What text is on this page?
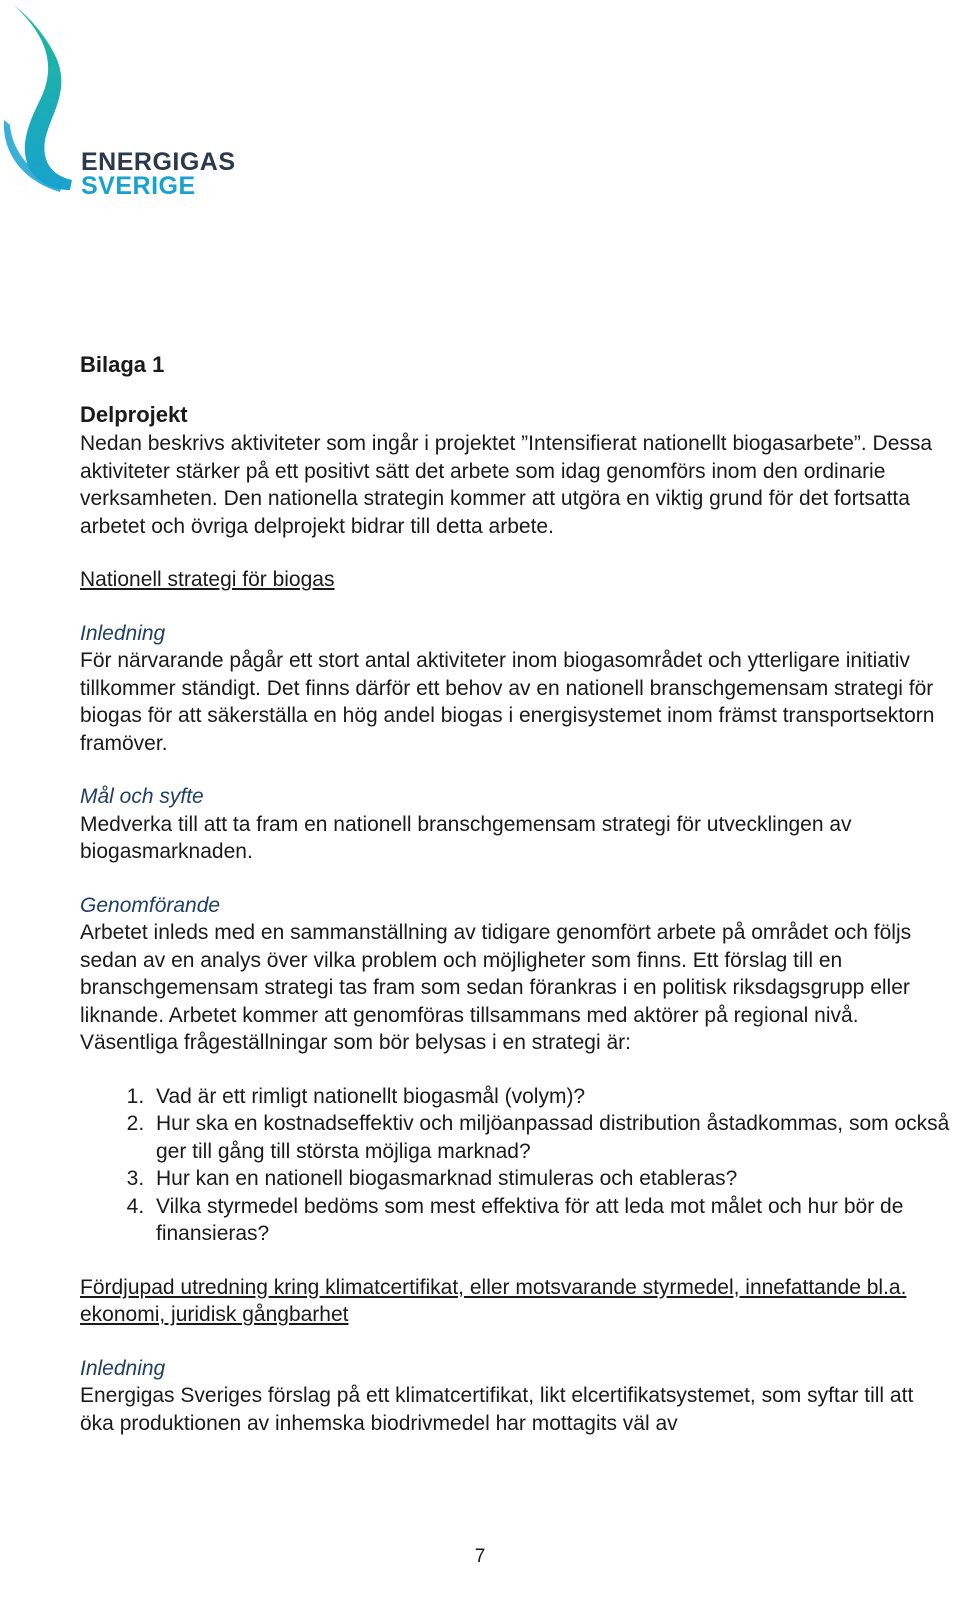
ENERGIGAS
SVERIGE

Bilaga 1

Delprojekt

Nedan beskrivs aktiviteter som ingår i projektet ”Intensifierat nationellt biogasarbete”. Dessa aktiviteter stärker på ett positivt sätt det arbete som idag genomförs inom den ordinarie verksamheten. Den nationella strategin kommer att utgöra en viktig grund för det fortsatta arbetet och övriga delprojekt bidrar till detta arbete.

Nationell strategi för biogas

Inledning

För närvarande pågår ett stort antal aktiviteter inom biogasområdet och ytterligare initiativ tillkommer ständigt. Det finns därför ett behov av en nationell branschgemensam strategi för biogas för att säkerställa en hög andel biogas i energisystemet inom främst transportsektorn framöver.

Mål och syfte

Medverka till att ta fram en nationell branschgemensam strategi för utvecklingen av biogasmarknaden.

Genomförande

Arbetet inleds med en sammanställning av tidigare genomfört arbete på området och följs sedan av en analys över vilka problem och möjligheter som finns. Ett förslag till en branschgemensam strategi tas fram som sedan förankras i en politisk riksdagsgrupp eller liknande. Arbetet kommer att genomföras tillsammans med aktörer på regional nivå. Väsentliga frågeställningar som bör belysas i en strategi är:

1. Vad är ett rimligt nationellt biogasmål (volym)?
2. Hur ska en kostnadseffektiv och miljöanpassad distribution åstadkommas, som också ger till gång till största möjliga marknad?
3. Hur kan en nationell biogasmarknad stimuleras och etableras?
4. Vilka styrmedel bedöms som mest effektiva för att leda mot målet och hur bör de finansieras?

Fördjupad utredning kring klimatcertifikat, eller motsvarande styrmedel, innefattande bl.a. ekonomi, juridisk gångbarhet

Inledning

Energigas Sveriges förslag på ett klimatcertifikat, likt elcertifikatsystemet, som syftar till att öka produktionen av inhemska biodrivmedel har mottagits väl av

7
